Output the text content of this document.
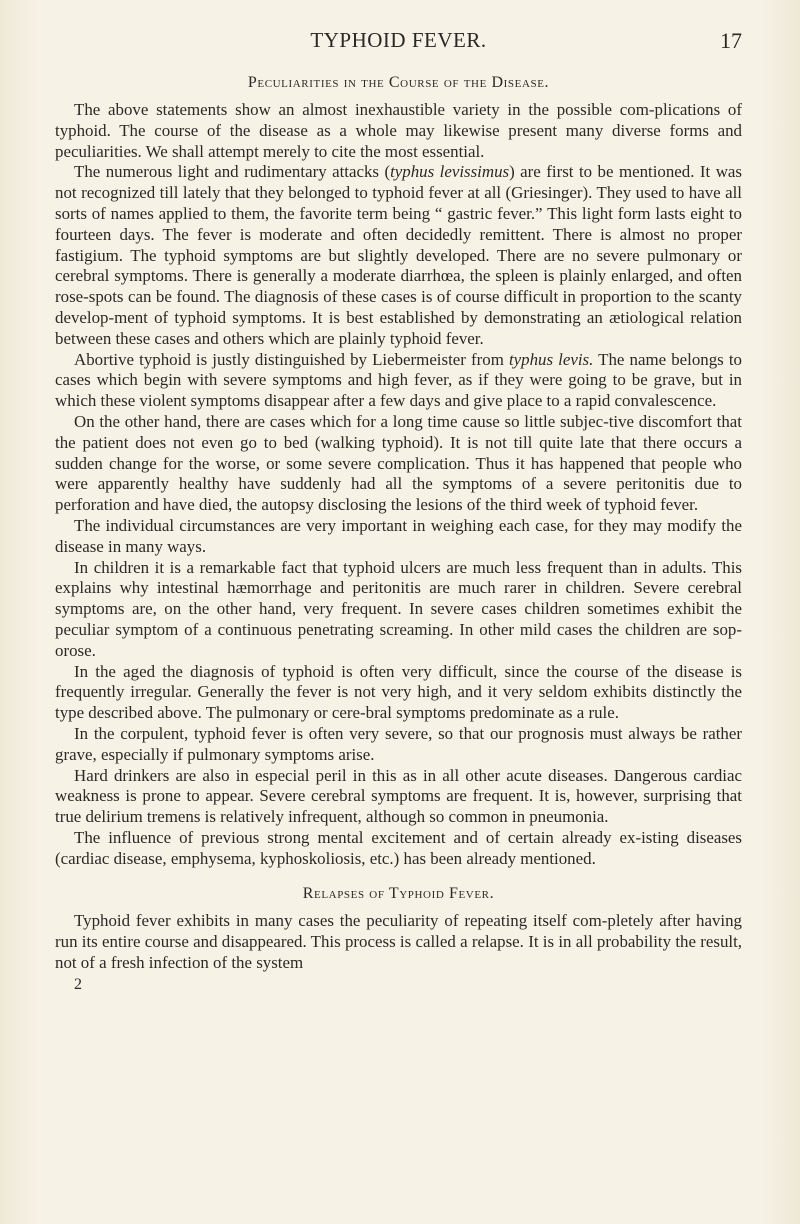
TYPHOID FEVER.	17
Peculiarities in the Course of the Disease.

The above statements show an almost inexhaustible variety in the possible com-plications of typhoid. The course of the disease as a whole may likewise present many diverse forms and peculiarities. We shall attempt merely to cite the most essential.

The numerous light and rudimentary attacks (typhus levissimus) are first to be mentioned. It was not recognized till lately that they belonged to typhoid fever at all (Griesinger). They used to have all sorts of names applied to them, the favorite term being “ gastric fever.” This light form lasts eight to fourteen days. The fever is moderate and often decidedly remittent. There is almost no proper fastigium. The typhoid symptoms are but slightly developed. There are no severe pulmonary or cerebral symptoms. There is generally a moderate diarrhœa, the spleen is plainly enlarged, and often rose-spots can be found. The diagnosis of these cases is of course difficult in proportion to the scanty develop-ment of typhoid symptoms. It is best established by demonstrating an ætiological relation between these cases and others which are plainly typhoid fever.

Abortive typhoid is justly distinguished by Liebermeister from typhus levis. The name belongs to cases which begin with severe symptoms and high fever, as if they were going to be grave, but in which these violent symptoms disappear after a few days and give place to a rapid convalescence.

On the other hand, there are cases which for a long time cause so little subjec-tive discomfort that the patient does not even go to bed (walking typhoid). It is not till quite late that there occurs a sudden change for the worse, or some severe complication. Thus it has happened that people who were apparently healthy have suddenly had all the symptoms of a severe peritonitis due to perforation and have died, the autopsy disclosing the lesions of the third week of typhoid fever.

The individual circumstances are very important in weighing each case, for they may modify the disease in many ways.

In children it is a remarkable fact that typhoid ulcers are much less frequent than in adults. This explains why intestinal hæmorrhage and peritonitis are much rarer in children. Severe cerebral symptoms are, on the other hand, very frequent. In severe cases children sometimes exhibit the peculiar symptom of a continuous penetrating screaming. In other mild cases the children are sop-orose.

In the aged the diagnosis of typhoid is often very difficult, since the course of the disease is frequently irregular. Generally the fever is not very high, and it very seldom exhibits distinctly the type described above. The pulmonary or cere-bral symptoms predominate as a rule.

In the corpulent, typhoid fever is often very severe, so that our prognosis must always be rather grave, especially if pulmonary symptoms arise.

Hard drinkers are also in especial peril in this as in all other acute diseases. Dangerous cardiac weakness is prone to appear. Severe cerebral symptoms are frequent. It is, however, surprising that true delirium tremens is relatively infrequent, although so common in pneumonia.

The influence of previous strong mental excitement and of certain already ex-isting diseases (cardiac disease, emphysema, kyphoskoliosis, etc.) has been already mentioned.

Relapses of Typhoid Fever.

Typhoid fever exhibits in many cases the peculiarity of repeating itself com-pletely after having run its entire course and disappeared. This process is called a relapse. It is in all probability the result, not of a fresh infection of the system

2
